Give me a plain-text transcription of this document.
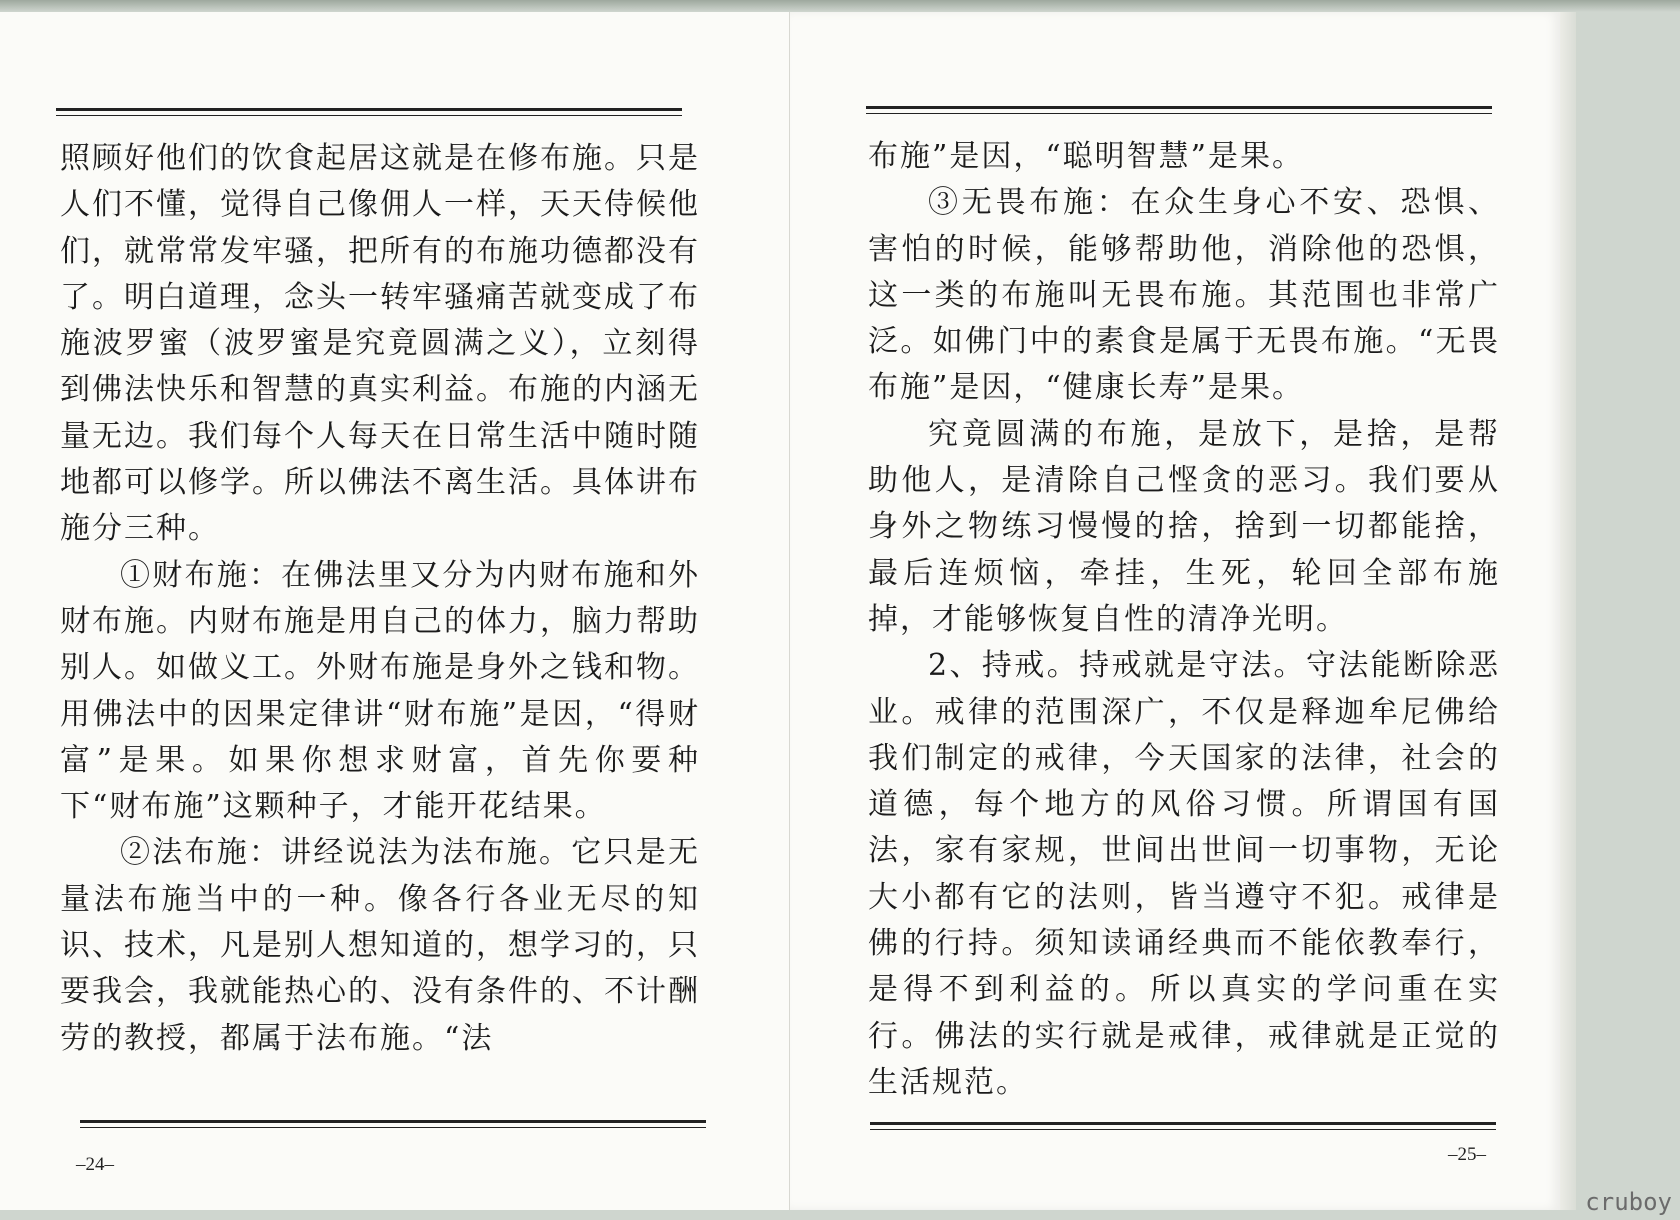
照顾好他们的饮食起居这就是在修布施。只是人们不懂，觉得自己像佣人一样，天天侍候他们，就常常发牢骚，把所有的布施功德都没有了。明白道理，念头一转牢骚痛苦就变成了布施波罗蜜（波罗蜜是究竟圆满之义），立刻得到佛法快乐和智慧的真实利益。布施的内涵无量无边。我们每个人每天在日常生活中随时随地都可以修学。所以佛法不离生活。具体讲布施分三种。

①财布施：在佛法里又分为内财布施和外财布施。内财布施是用自己的体力，脑力帮助别人。如做义工。外财布施是身外之钱和物。用佛法中的因果定律讲“财布施”是因，“得财富”是果。如果你想求财富，首先你要种下“财布施”这颗种子，才能开花结果。

②法布施：讲经说法为法布施。它只是无量法布施当中的一种。像各行各业无尽的知识、技术，凡是别人想知道的，想学习的，只要我会，我就能热心的、没有条件的、不计酬劳的教授，都属于法布施。“法

–24–

布施”是因，“聪明智慧”是果。

③无畏布施：在众生身心不安、恐惧、害怕的时候，能够帮助他，消除他的恐惧，这一类的布施叫无畏布施。其范围也非常广泛。如佛门中的素食是属于无畏布施。“无畏布施”是因，“健康长寿”是果。

究竟圆满的布施，是放下，是捨，是帮助他人，是清除自己悭贪的恶习。我们要从身外之物练习慢慢的捨，捨到一切都能捨，最后连烦恼，牵挂，生死，轮回全部布施掉，才能够恢复自性的清净光明。

2、持戒。持戒就是守法。守法能断除恶业。戒律的范围深广，不仅是释迦牟尼佛给我们制定的戒律，今天国家的法律，社会的道德，每个地方的风俗习惯。所谓国有国法，家有家规，世间出世间一切事物，无论大小都有它的法则，皆当遵守不犯。戒律是佛的行持。须知读诵经典而不能依教奉行，是得不到利益的。所以真实的学问重在实行。佛法的实行就是戒律，戒律就是正觉的生活规范。

–25–
cruboy
